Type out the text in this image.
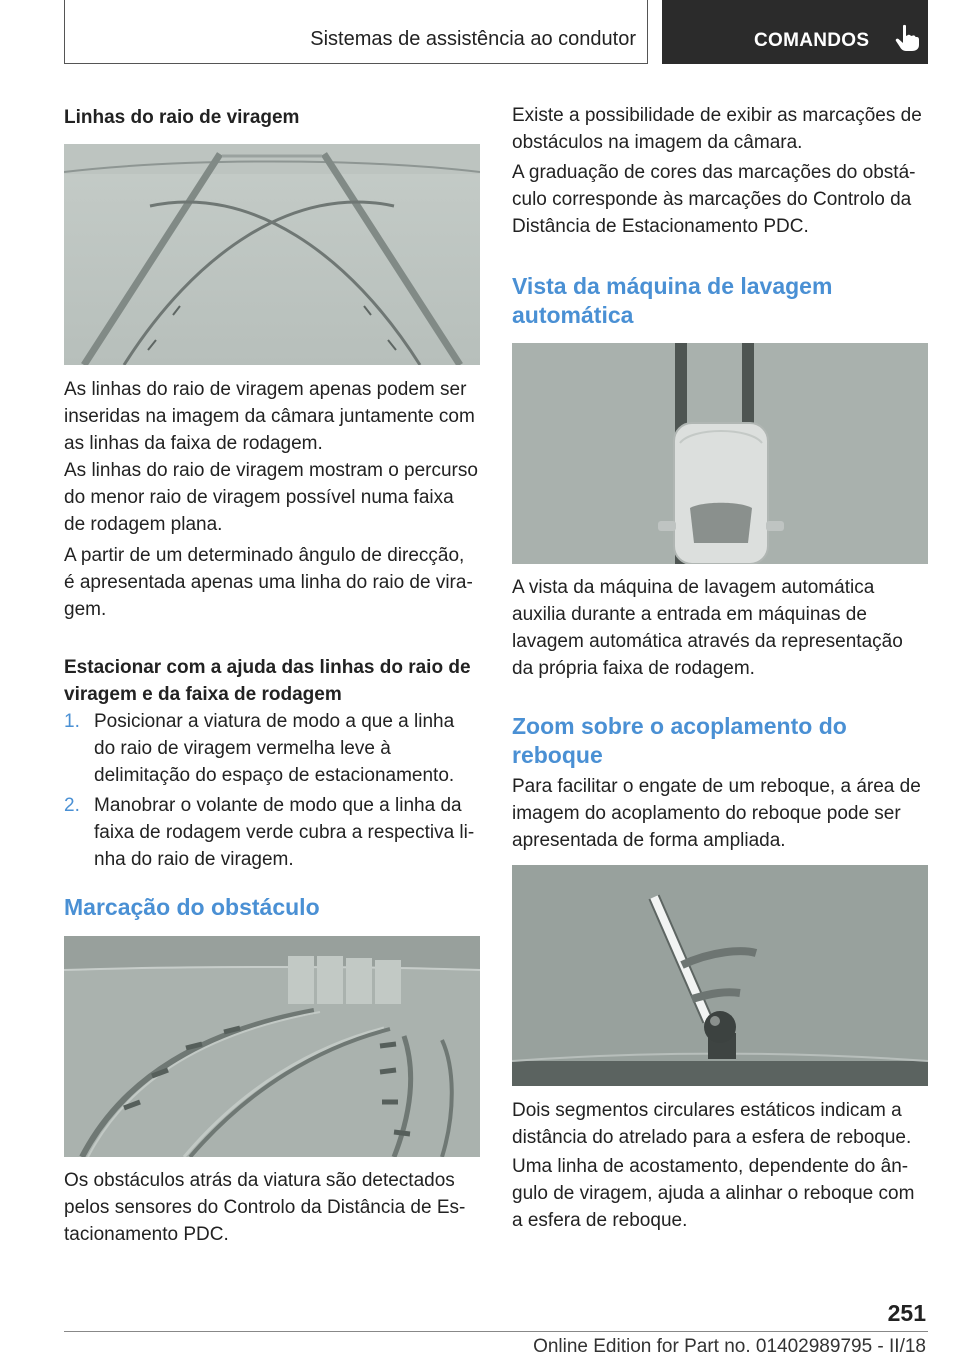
Sistemas de assistência ao condutor	COMANDOS

Linhas do raio de viragem

As linhas do raio de viragem apenas podem ser inseridas na imagem da câmara juntamente com as linhas da faixa de rodagem.

As linhas do raio de viragem mostram o percurso do menor raio de viragem possível numa faixa de rodagem plana.

A partir de um determinado ângulo de direcção, é apresentada apenas uma linha do raio de viragem.

Estacionar com a ajuda das linhas do raio de viragem e da faixa de rodagem

1. Posicionar a viatura de modo a que a linha do raio de viragem vermelha leve à delimitação do espaço de estacionamento.

2. Manobrar o volante de modo que a linha da faixa de rodagem verde cubra a respectiva linha do raio de viragem.

Marcação do obstáculo

Os obstáculos atrás da viatura são detectados pelos sensores do Controlo da Distância de Estacionamento PDC.

Existe a possibilidade de exibir as marcações de obstáculos na imagem da câmara.

A graduação de cores das marcações do obstáculo corresponde às marcações do Controlo da Distância de Estacionamento PDC.

Vista da máquina de lavagem automática

A vista da máquina de lavagem automática auxilia durante a entrada em máquinas de lavagem automática através da representação da própria faixa de rodagem.

Zoom sobre o acoplamento do reboque

Para facilitar o engate de um reboque, a área de imagem do acoplamento do reboque pode ser apresentada de forma ampliada.

Dois segmentos circulares estáticos indicam a distância do atrelado para a esfera de reboque.

Uma linha de acostamento, dependente do ângulo de viragem, ajuda a alinhar o reboque com a esfera de reboque.

251
Online Edition for Part no. 01402989795 - II/18
